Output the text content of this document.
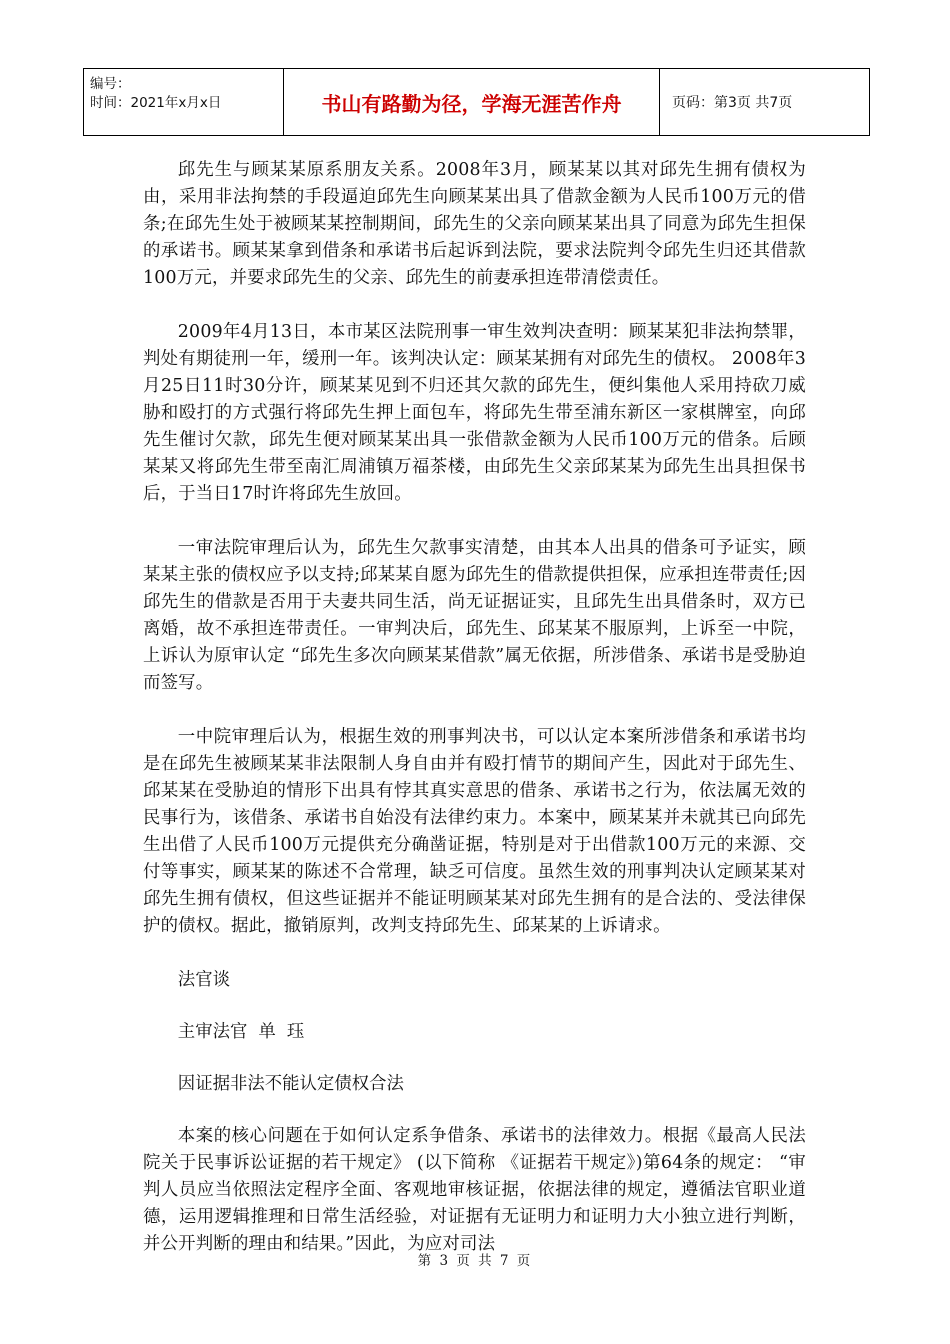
编号：
时间：2021年x月x日	书山有路勤为径，学海无涯苦作舟	页码：第3页 共7页

邱先生与顾某某原系朋友关系。2008年3月，顾某某以其对邱先生拥有债权为由，采用非法拘禁的手段逼迫邱先生向顾某某出具了借款金额为人民币100万元的借条;在邱先生处于被顾某某控制期间，邱先生的父亲向顾某某出具了同意为邱先生担保的承诺书。顾某某拿到借条和承诺书后起诉到法院，要求法院判令邱先生归还其借款100万元，并要求邱先生的父亲、邱先生的前妻承担连带清偿责任。

2009年4月13日，本市某区法院刑事一审生效判决查明：顾某某犯非法拘禁罪，判处有期徒刑一年，缓刑一年。该判决认定：顾某某拥有对邱先生的债权。 2008年3月25日11时30分许，顾某某见到不归还其欠款的邱先生，便纠集他人采用持砍刀威胁和殴打的方式强行将邱先生押上面包车，将邱先生带至浦东新区一家棋牌室，向邱先生催讨欠款，邱先生便对顾某某出具一张借款金额为人民币100万元的借条。后顾某某又将邱先生带至南汇周浦镇万福茶楼，由邱先生父亲邱某某为邱先生出具担保书后，于当日17时许将邱先生放回。

一审法院审理后认为，邱先生欠款事实清楚，由其本人出具的借条可予证实，顾某某主张的债权应予以支持;邱某某自愿为邱先生的借款提供担保，应承担连带责任;因邱先生的借款是否用于夫妻共同生活，尚无证据证实，且邱先生出具借条时，双方已离婚，故不承担连带责任。一审判决后，邱先生、邱某某不服原判，上诉至一中院，上诉认为原审认定 “邱先生多次向顾某某借款”属无依据，所涉借条、承诺书是受胁迫而签写。

一中院审理后认为，根据生效的刑事判决书，可以认定本案所涉借条和承诺书均是在邱先生被顾某某非法限制人身自由并有殴打情节的期间产生，因此对于邱先生、邱某某在受胁迫的情形下出具有悖其真实意思的借条、承诺书之行为，依法属无效的民事行为，该借条、承诺书自始没有法律约束力。本案中，顾某某并未就其已向邱先生出借了人民币100万元提供充分确凿证据，特别是对于出借款100万元的来源、交付等事实，顾某某的陈述不合常理，缺乏可信度。虽然生效的刑事判决认定顾某某对邱先生拥有债权，但这些证据并不能证明顾某某对邱先生拥有的是合法的、受法律保护的债权。据此，撤销原判，改判支持邱先生、邱某某的上诉请求。

法官谈

主审法官  单  珏

因证据非法不能认定债权合法

本案的核心问题在于如何认定系争借条、承诺书的法律效力。根据《最高人民法院关于民事诉讼证据的若干规定》 (以下简称 《证据若干规定》)第64条的规定： “审判人员应当依照法定程序全面、客观地审核证据，依据法律的规定，遵循法官职业道德，运用逻辑推理和日常生活经验，对证据有无证明力和证明力大小独立进行判断，并公开判断的理由和结果。”因此，为应对司法

第 3 页 共 7 页
